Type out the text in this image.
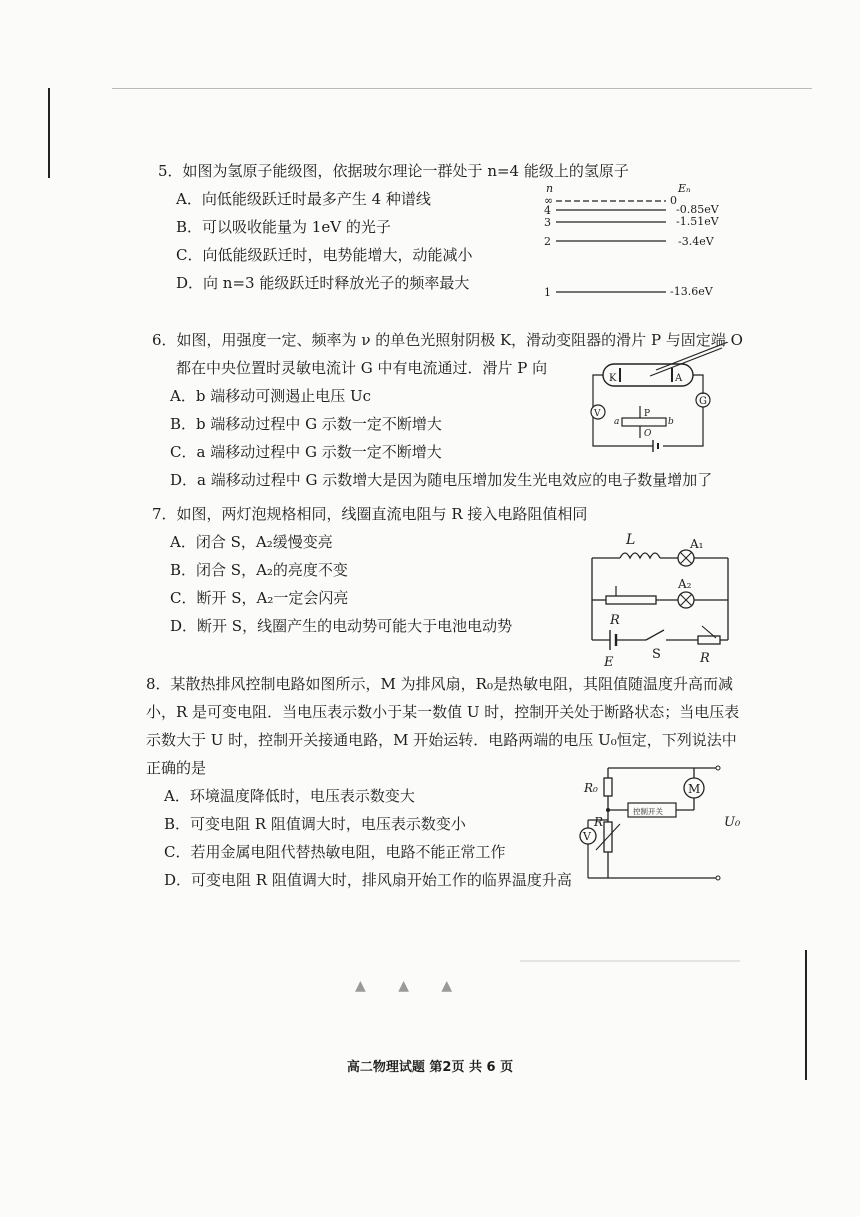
5．如图为氢原子能级图，依据玻尔理论一群处于 n=4 能级上的氢原子
A．向低能级跃迁时最多产生 4 种谱线
B．可以吸收能量为 1eV 的光子
C．向低能级跃迁时，电势能增大，动能减小
D．向 n=3 能级跃迁时释放光子的频率最大
n	Eₙ
∞	0
4	-0.85eV
3	-1.51eV
2	-3.4eV
1	-13.6eV
6．如图，用强度一定、频率为 ν 的单色光照射阴极 K，滑动变阻器的滑片 P 与固定端 O
都在中央位置时灵敏电流计 G 中有电流通过．滑片 P 向
A．b 端移动可测遏止电压 Uc
B．b 端移动过程中 G 示数一定不断增大
C．a 端移动过程中 G 示数一定不断增大
D．a 端移动过程中 G 示数增大是因为随电压增加发生光电效应的电子数量增加了
K	A
G
V	P
a	b
O
7．如图，两灯泡规格相同，线圈直流电阻与 R 接入电路阻值相同
A．闭合 S，A₂缓慢变亮
B．闭合 S，A₂的亮度不变
C．断开 S，A₂一定会闪亮
D．断开 S，线圈产生的电动势可能大于电池电动势
L	A₁
A₂
R
E
S	R
8．某散热排风控制电路如图所示，M 为排风扇，R₀是热敏电阻，其阻值随温度升高而减小，R 是可变电阻．当电压表示数小于某一数值 U 时，控制开关处于断路状态；当电压表示数大于 U 时，控制开关接通电路，M 开始运转．电路两端的电压 U₀恒定，下列说法中正确的是
A．环境温度降低时，电压表示数变大
B．可变电阻 R 阻值调大时，电压表示数变小
C．若用金属电阻代替热敏电阻，电路不能正常工作
D．可变电阻 R 阻值调大时，排风扇开始工作的临界温度升高
U₀
R₀
控制开关
M
R
V
▲ ▲ ▲
高二物理试题 第2页 共 6 页
